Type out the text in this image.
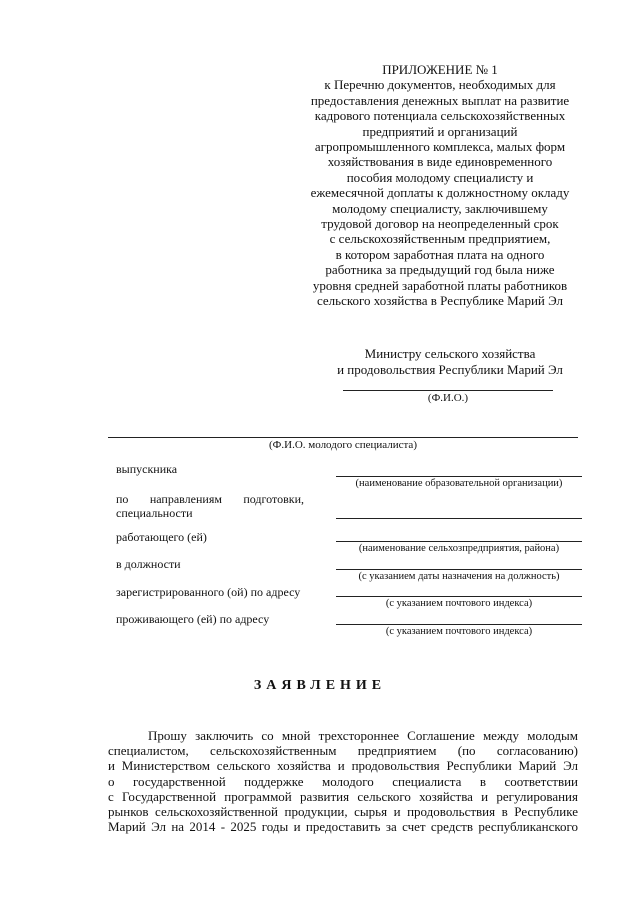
ПРИЛОЖЕНИЕ № 1
к Перечню документов, необходимых для
предоставления денежных выплат на развитие
кадрового потенциала сельскохозяйственных
предприятий и организаций
агропромышленного комплекса, малых форм
хозяйствования в виде единовременного
пособия молодому специалисту и
ежемесячной доплаты к должностному окладу
молодому специалисту, заключившему
трудовой договор на неопределенный срок
с сельскохозяйственным предприятием,
в котором заработная плата на одного
работника за предыдущий год была ниже
уровня средней заработной платы работников
сельского хозяйства в Республике Марий Эл
Министру сельского хозяйства
и продовольствия Республики Марий Эл
(Ф.И.О.)
(Ф.И.О. молодого специалиста)
выпускника
(наименование образовательной организации)
по направлениям подготовки,
специальности
работающего (ей)
(наименование сельхозпредприятия, района)
в должности
(с указанием даты назначения на должность)
зарегистрированного (ой) по адресу
(с указанием почтового индекса)
проживающего (ей) по адресу
(с указанием почтового индекса)
ЗАЯВЛЕНИЕ
Прошу заключить со мной трехстороннее Соглашение между молодым
специалистом, сельскохозяйственным предприятием (по согласованию)
и Министерством сельского хозяйства и продовольствия Республики Марий Эл
о государственной поддержке молодого специалиста в соответствии
с Государственной программой развития сельского хозяйства и регулирования
рынков сельскохозяйственной продукции, сырья и продовольствия в Республике
Марий Эл на 2014 - 2025 годы и предоставить за счет средств республиканского
